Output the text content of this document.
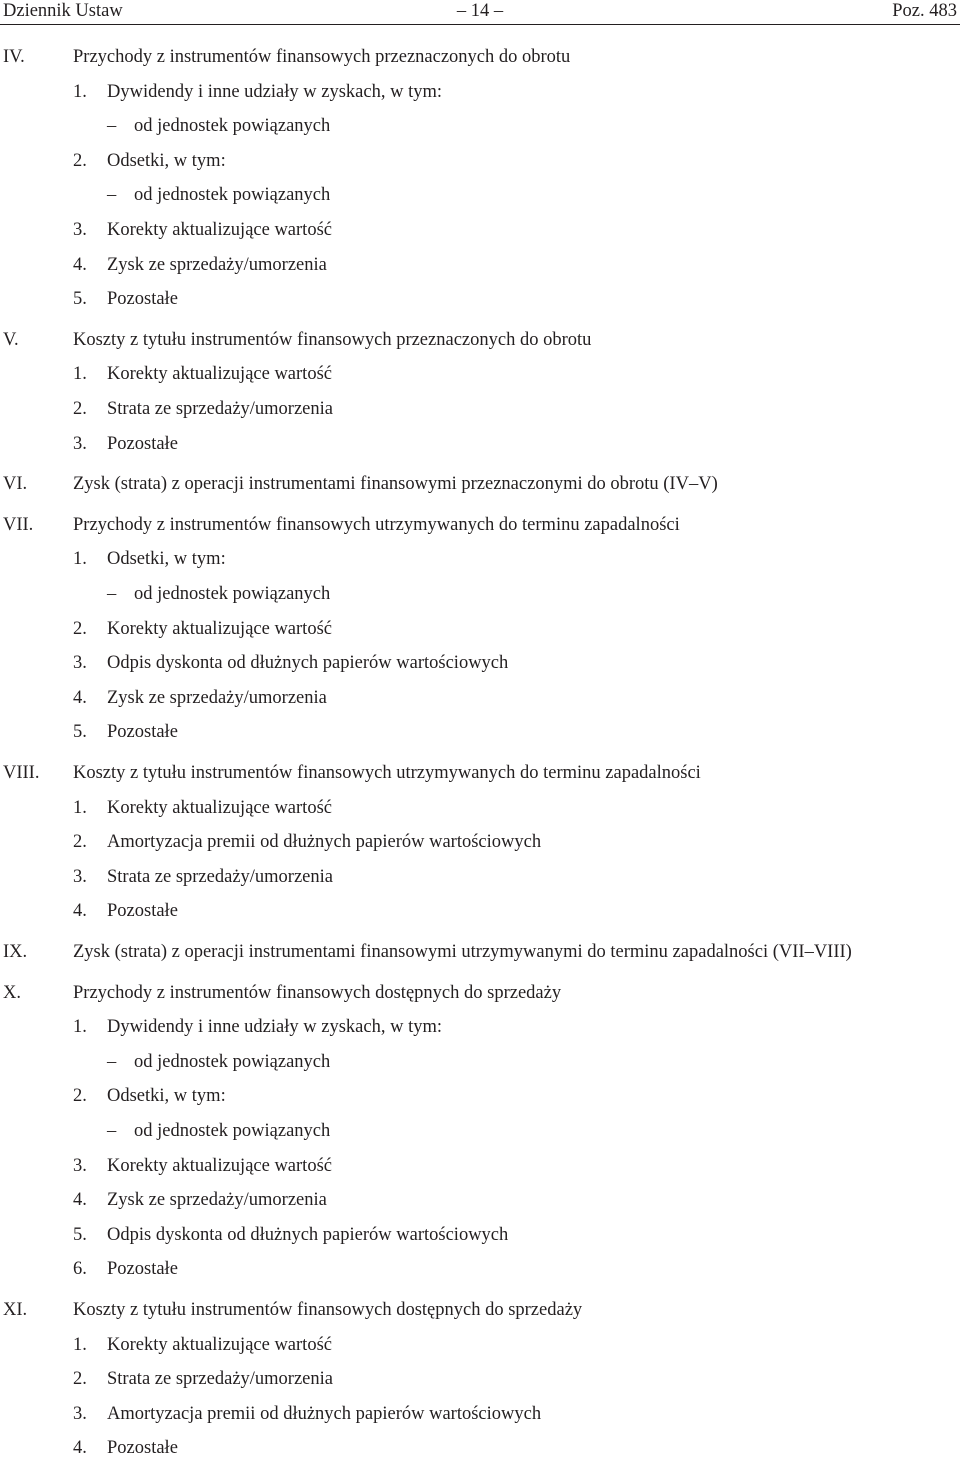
Dziennik Ustaw	– 14 –	Poz. 483
IV.	Przychody z instrumentów finansowych przeznaczonych do obrotu
1. Dywidendy i inne udziały w zyskach, w tym:
– od jednostek powiązanych
2. Odsetki, w tym:
– od jednostek powiązanych
3. Korekty aktualizujące wartość
4. Zysk ze sprzedaży/umorzenia
5. Pozostałe
V.	Koszty z tytułu instrumentów finansowych przeznaczonych do obrotu
1. Korekty aktualizujące wartość
2. Strata ze sprzedaży/umorzenia
3. Pozostałe
VI. Zysk (strata) z operacji instrumentami finansowymi przeznaczonymi do obrotu (IV–V)
VII. Przychody z instrumentów finansowych utrzymywanych do terminu zapadalności
1. Odsetki, w tym:
– od jednostek powiązanych
2. Korekty aktualizujące wartość
3. Odpis dyskonta od dłużnych papierów wartościowych
4. Zysk ze sprzedaży/umorzenia
5. Pozostałe
VIII. Koszty z tytułu instrumentów finansowych utrzymywanych do terminu zapadalności
1. Korekty aktualizujące wartość
2. Amortyzacja premii od dłużnych papierów wartościowych
3. Strata ze sprzedaży/umorzenia
4. Pozostałe
IX. Zysk (strata) z operacji instrumentami finansowymi utrzymywanymi do terminu zapadalności (VII–VIII)
X.	Przychody z instrumentów finansowych dostępnych do sprzedaży
1. Dywidendy i inne udziały w zyskach, w tym:
– od jednostek powiązanych
2. Odsetki, w tym:
– od jednostek powiązanych
3. Korekty aktualizujące wartość
4. Zysk ze sprzedaży/umorzenia
5. Odpis dyskonta od dłużnych papierów wartościowych
6. Pozostałe
XI. Koszty z tytułu instrumentów finansowych dostępnych do sprzedaży
1. Korekty aktualizujące wartość
2. Strata ze sprzedaży/umorzenia
3. Amortyzacja premii od dłużnych papierów wartościowych
4. Pozostałe
